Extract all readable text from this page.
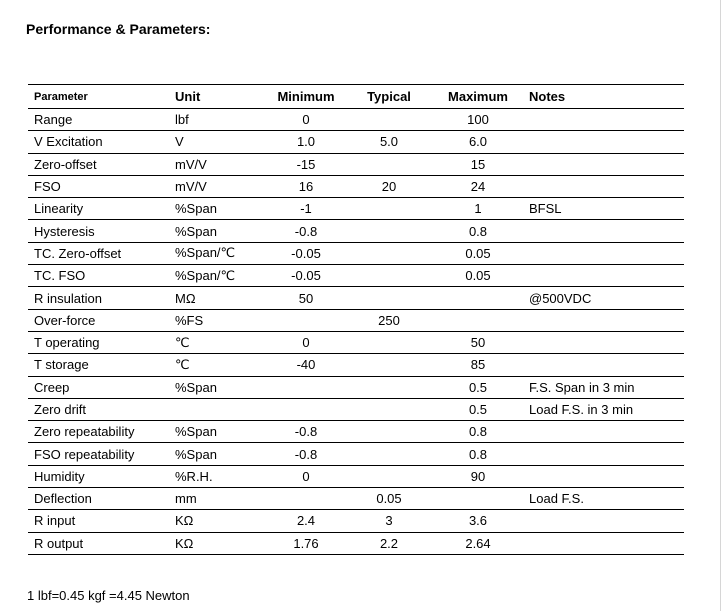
Performance & Parameters:
Parameter	Unit	Minimum	Typical	Maximum	Notes
Range	lbf	0		100	
V Excitation	V	1.0	5.0	6.0	
Zero-offset	mV/V	-15		15	
FSO	mV/V	16	20	24	
Linearity	%Span	-1		1	BFSL
Hysteresis	%Span	-0.8		0.8	
TC. Zero-offset	%Span/℃	-0.05		0.05	
TC. FSO	%Span/℃	-0.05		0.05	
R insulation	MΩ	50			@500VDC
Over-force	%FS		250		
T operating	℃	0		50	
T storage	℃	-40		85	
Creep	%Span			0.5	F.S. Span in 3 min
Zero drift				0.5	Load F.S. in 3 min
Zero repeatability	%Span	-0.8		0.8	
FSO repeatability	%Span	-0.8		0.8	
Humidity	%R.H.	0		90	
Deflection	mm		0.05		Load F.S.
R input	KΩ	2.4	3	3.6	
R output	KΩ	1.76	2.2	2.64	
1 lbf=0.45 kgf =4.45 Newton
